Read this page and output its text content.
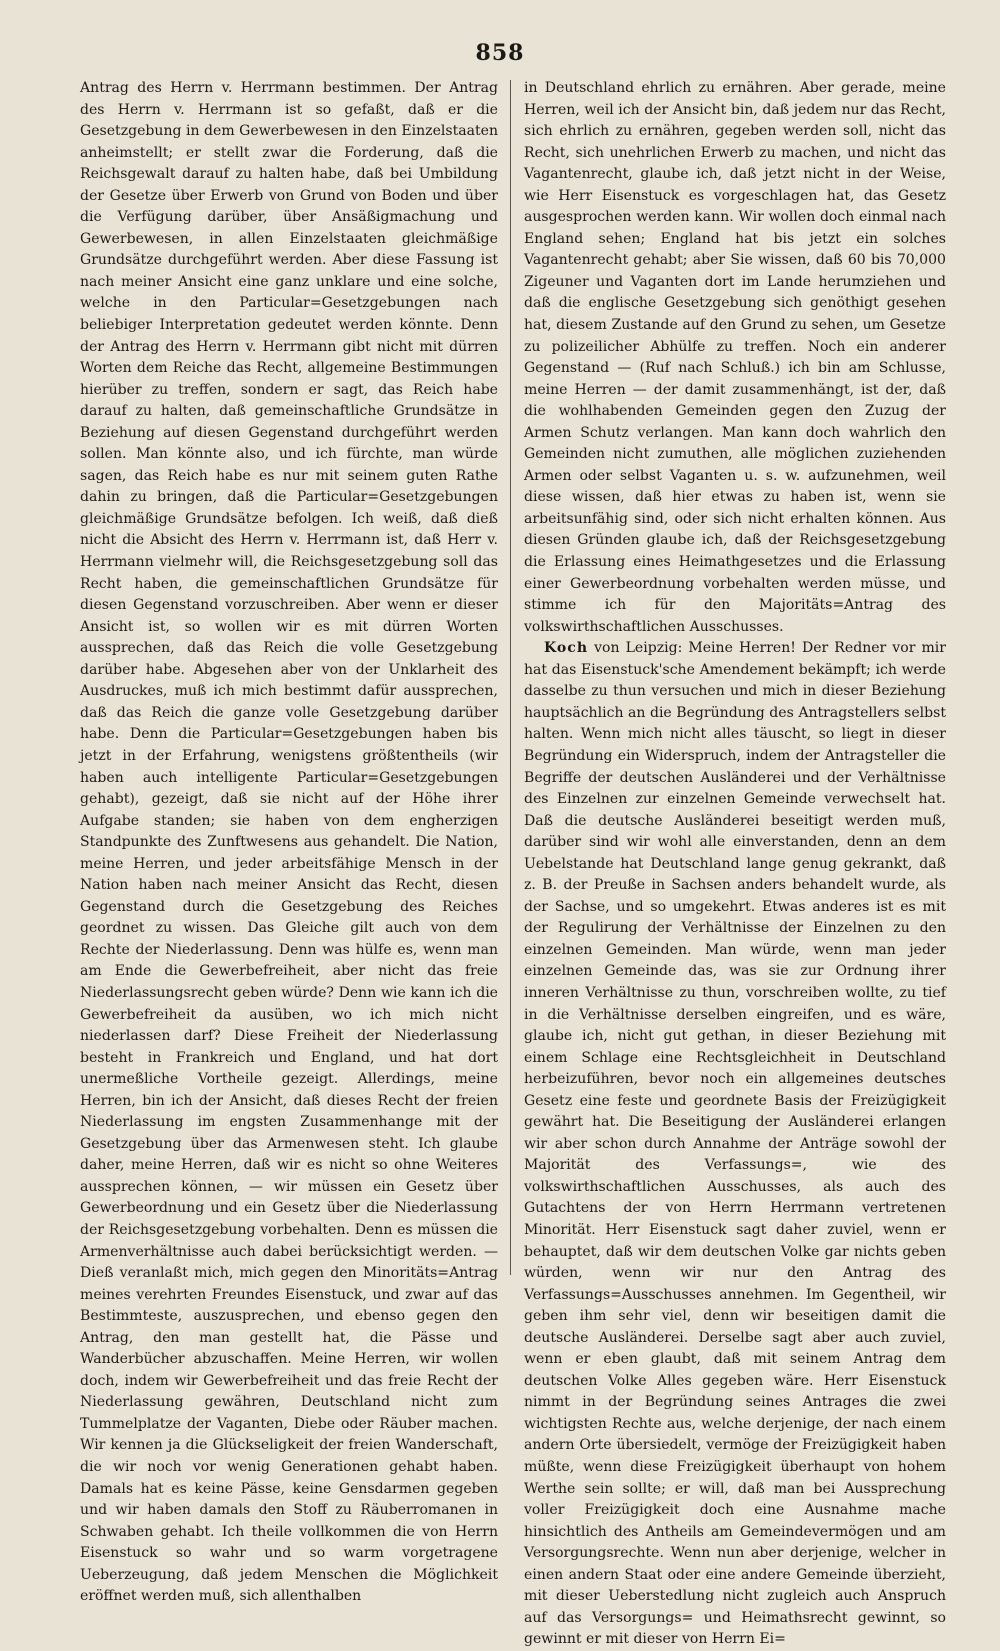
858

Antrag des Herrn v. Herrmann bestimmen. Der Antrag des Herrn v. Herrmann ist so gefaßt, daß er die Gesetzgebung in dem Gewerbewesen in den Einzelstaaten anheimstellt; er stellt zwar die Forderung, daß die Reichsgewalt darauf zu halten habe, daß bei Umbildung der Gesetze über Erwerb von Grund von Boden und über die Verfügung darüber, über Ansäßigmachung und Gewerbewesen, in allen Einzelstaaten gleichmäßige Grundsätze durchgeführt werden. Aber diese Fassung ist nach meiner Ansicht eine ganz unklare und eine solche, welche in den Particular=Gesetzgebungen nach beliebiger Interpretation gedeutet werden könnte. Denn der Antrag des Herrn v. Herrmann gibt nicht mit dürren Worten dem Reiche das Recht, allgemeine Bestimmungen hierüber zu treffen, sondern er sagt, das Reich habe darauf zu halten, daß gemeinschaftliche Grundsätze in Beziehung auf diesen Gegenstand durchgeführt werden sollen. Man könnte also, und ich fürchte, man würde sagen, das Reich habe es nur mit seinem guten Rathe dahin zu bringen, daß die Particular=Gesetzgebungen gleichmäßige Grundsätze befolgen. Ich weiß, daß dieß nicht die Absicht des Herrn v. Herrmann ist, daß Herr v. Herrmann vielmehr will, die Reichsgesetzgebung soll das Recht haben, die gemeinschaftlichen Grundsätze für diesen Gegenstand vorzuschreiben. Aber wenn er dieser Ansicht ist, so wollen wir es mit dürren Worten aussprechen, daß das Reich die volle Gesetzgebung darüber habe. Abgesehen aber von der Unklarheit des Ausdruckes, muß ich mich bestimmt dafür aussprechen, daß das Reich die ganze volle Gesetzgebung darüber habe. Denn die Particular=Gesetzgebungen haben bis jetzt in der Erfahrung, wenigstens größtentheils (wir haben auch intelligente Particular=Gesetzgebungen gehabt), gezeigt, daß sie nicht auf der Höhe ihrer Aufgabe standen; sie haben von dem engherzigen Standpunkte des Zunftwesens aus gehandelt. Die Nation, meine Herren, und jeder arbeitsfähige Mensch in der Nation haben nach meiner Ansicht das Recht, diesen Gegenstand durch die Gesetzgebung des Reiches geordnet zu wissen. Das Gleiche gilt auch von dem Rechte der Niederlassung. Denn was hülfe es, wenn man am Ende die Gewerbefreiheit, aber nicht das freie Niederlassungsrecht geben würde? Denn wie kann ich die Gewerbefreiheit da ausüben, wo ich mich nicht niederlassen darf? Diese Freiheit der Niederlassung besteht in Frankreich und England, und hat dort unermeßliche Vortheile gezeigt. Allerdings, meine Herren, bin ich der Ansicht, daß dieses Recht der freien Niederlassung im engsten Zusammenhange mit der Gesetzgebung über das Armenwesen steht. Ich glaube daher, meine Herren, daß wir es nicht so ohne Weiteres aussprechen können, — wir müssen ein Gesetz über Gewerbeordnung und ein Gesetz über die Niederlassung der Reichsgesetzgebung vorbehalten. Denn es müssen die Armenverhältnisse auch dabei berücksichtigt werden. — Dieß veranlaßt mich, mich gegen den Minoritäts=Antrag meines verehrten Freundes Eisenstuck, und zwar auf das Bestimmteste, auszusprechen, und ebenso gegen den Antrag, den man gestellt hat, die Pässe und Wanderbücher abzuschaffen. Meine Herren, wir wollen doch, indem wir Gewerbefreiheit und das freie Recht der Niederlassung gewähren, Deutschland nicht zum Tummelplatze der Vaganten, Diebe oder Räuber machen. Wir kennen ja die Glückseligkeit der freien Wanderschaft, die wir noch vor wenig Generationen gehabt haben. Damals hat es keine Pässe, keine Gensdarmen gegeben und wir haben damals den Stoff zu Räuberromanen in Schwaben gehabt. Ich theile vollkommen die von Herrn Eisenstuck so wahr und so warm vorgetragene Ueberzeugung, daß jedem Menschen die Möglichkeit eröffnet werden muß, sich allenthalben

in Deutschland ehrlich zu ernähren. Aber gerade, meine Herren, weil ich der Ansicht bin, daß jedem nur das Recht, sich ehrlich zu ernähren, gegeben werden soll, nicht das Recht, sich unehrlichen Erwerb zu machen, und nicht das Vagantenrecht, glaube ich, daß jetzt nicht in der Weise, wie Herr Eisenstuck es vorgeschlagen hat, das Gesetz ausgesprochen werden kann. Wir wollen doch einmal nach England sehen; England hat bis jetzt ein solches Vagantenrecht gehabt; aber Sie wissen, daß 60 bis 70,000 Zigeuner und Vaganten dort im Lande herumziehen und daß die englische Gesetzgebung sich genöthigt gesehen hat, diesem Zustande auf den Grund zu sehen, um Gesetze zu polizeilicher Abhülfe zu treffen. Noch ein anderer Gegenstand — (Ruf nach Schluß.) ich bin am Schlusse, meine Herren — der damit zusammenhängt, ist der, daß die wohlhabenden Gemeinden gegen den Zuzug der Armen Schutz verlangen. Man kann doch wahrlich den Gemeinden nicht zumuthen, alle möglichen zuziehenden Armen oder selbst Vaganten u. s. w. aufzunehmen, weil diese wissen, daß hier etwas zu haben ist, wenn sie arbeitsunfähig sind, oder sich nicht erhalten können. Aus diesen Gründen glaube ich, daß der Reichsgesetzgebung die Erlassung eines Heimathgesetzes und die Erlassung einer Gewerbeordnung vorbehalten werden müsse, und stimme ich für den Majoritäts=Antrag des volkswirthschaftlichen Ausschusses.

Koch von Leipzig: Meine Herren! Der Redner vor mir hat das Eisenstuck'sche Amendement bekämpft; ich werde dasselbe zu thun versuchen und mich in dieser Beziehung hauptsächlich an die Begründung des Antragstellers selbst halten. Wenn mich nicht alles täuscht, so liegt in dieser Begründung ein Widerspruch, indem der Antragsteller die Begriffe der deutschen Ausländerei und der Verhältnisse des Einzelnen zur einzelnen Gemeinde verwechselt hat. Daß die deutsche Ausländerei beseitigt werden muß, darüber sind wir wohl alle einverstanden, denn an dem Uebelstande hat Deutschland lange genug gekrankt, daß z. B. der Preuße in Sachsen anders behandelt wurde, als der Sachse, und so umgekehrt. Etwas anderes ist es mit der Regulirung der Verhältnisse der Einzelnen zu den einzelnen Gemeinden. Man würde, wenn man jeder einzelnen Gemeinde das, was sie zur Ordnung ihrer inneren Verhältnisse zu thun, vorschreiben wollte, zu tief in die Verhältnisse derselben eingreifen, und es wäre, glaube ich, nicht gut gethan, in dieser Beziehung mit einem Schlage eine Rechtsgleichheit in Deutschland herbeizuführen, bevor noch ein allgemeines deutsches Gesetz eine feste und geordnete Basis der Freizügigkeit gewährt hat. Die Beseitigung der Ausländerei erlangen wir aber schon durch Annahme der Anträge sowohl der Majorität des Verfassungs=, wie des volkswirthschaftlichen Ausschusses, als auch des Gutachtens der von Herrn Herrmann vertretenen Minorität. Herr Eisenstuck sagt daher zuviel, wenn er behauptet, daß wir dem deutschen Volke gar nichts geben würden, wenn wir nur den Antrag des Verfassungs=Ausschusses annehmen. Im Gegentheil, wir geben ihm sehr viel, denn wir beseitigen damit die deutsche Ausländerei. Derselbe sagt aber auch zuviel, wenn er eben glaubt, daß mit seinem Antrag dem deutschen Volke Alles gegeben wäre. Herr Eisenstuck nimmt in der Begründung seines Antrages die zwei wichtigsten Rechte aus, welche derjenige, der nach einem andern Orte übersiedelt, vermöge der Freizügigkeit haben müßte, wenn diese Freizügigkeit überhaupt von hohem Werthe sein sollte; er will, daß man bei Aussprechung voller Freizügigkeit doch eine Ausnahme mache hinsichtlich des Antheils am Gemeindevermögen und am Versorgungsrechte. Wenn nun aber derjenige, welcher in einen andern Staat oder eine andere Gemeinde überzieht, mit dieser Ueberstedlung nicht zugleich auch Anspruch auf das Versorgungs= und Heimathsrecht gewinnt, so gewinnt er mit dieser von Herrn Ei=
